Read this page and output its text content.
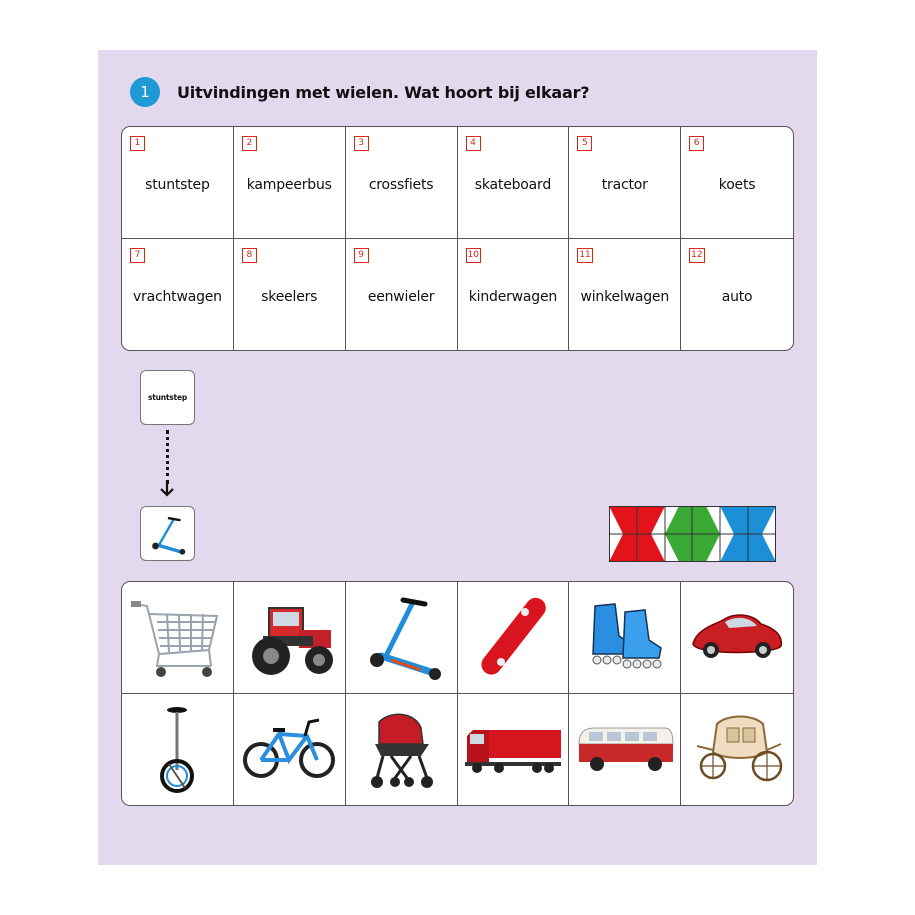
1	Uitvindingen met wielen. Wat hoort bij elkaar?
1
stuntstep
2
kampeerbus
3
crossfiets
4
skateboard
5
tractor
6
koets
7
vrachtwagen
8
skeelers
9
eenwieler
10
kinderwagen
11
winkelwagen
12
auto
stuntstep
